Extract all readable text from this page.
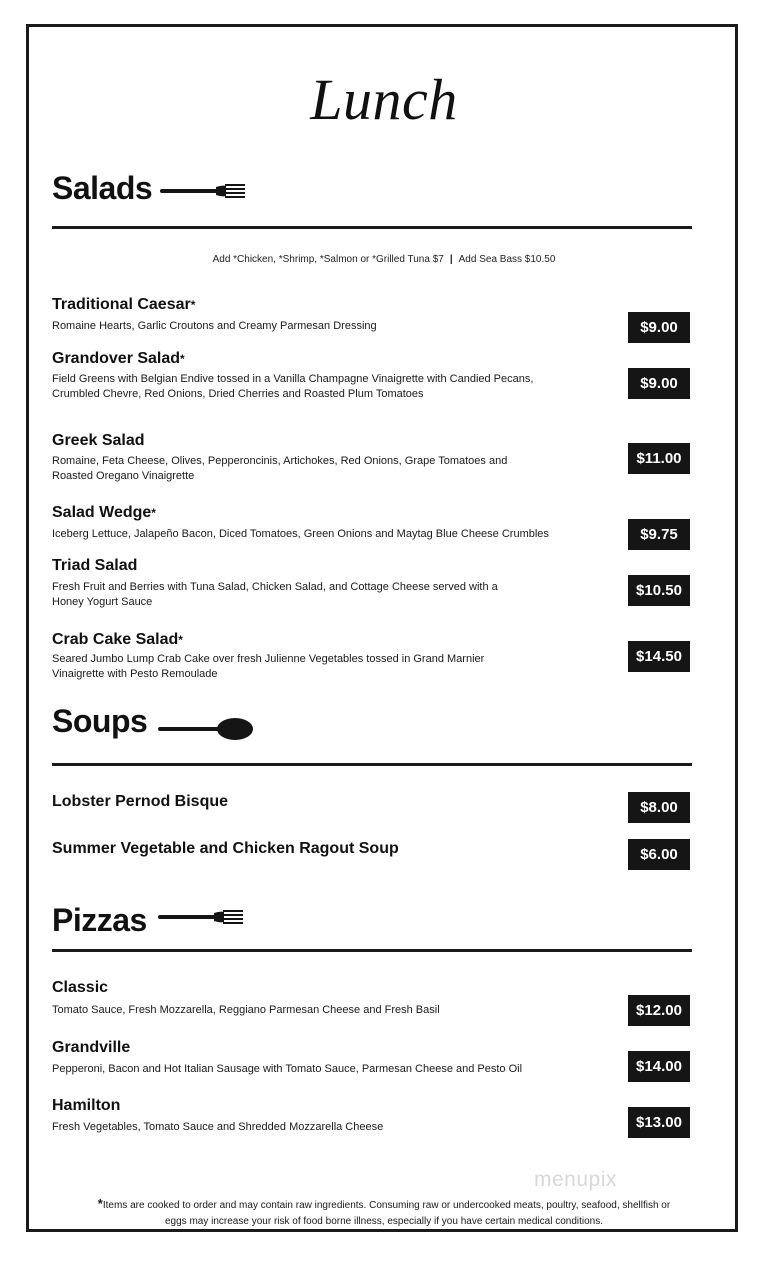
Lunch
Salads
Add *Chicken, *Shrimp, *Salmon or *Grilled Tuna $7 | Add Sea Bass $10.50
Traditional Caesar*
Romaine Hearts, Garlic Croutons and Creamy Parmesan Dressing	$9.00
Grandover Salad*
Field Greens with Belgian Endive tossed in a Vanilla Champagne Vinaigrette with Candied Pecans, Crumbled Chevre, Red Onions, Dried Cherries and Roasted Plum Tomatoes
$9.00
Greek Salad
Romaine, Feta Cheese, Olives, Pepperoncinis, Artichokes, Red Onions, Grape Tomatoes and Roasted Oregano Vinaigrette
$11.00
Salad Wedge*
Iceberg Lettuce, Jalapeño Bacon, Diced Tomatoes, Green Onions and Maytag Blue Cheese Crumbles	$9.75
Triad Salad
Fresh Fruit and Berries with Tuna Salad, Chicken Salad, and Cottage Cheese served with a Honey Yogurt Sauce
$10.50
Crab Cake Salad*
Seared Jumbo Lump Crab Cake over fresh Julienne Vegetables tossed in Grand Marnier Vinaigrette with Pesto Remoulade
$14.50
Soups
Lobster Pernod Bisque	$8.00
Summer Vegetable and Chicken Ragout Soup	$6.00
Pizzas
Classic
Tomato Sauce, Fresh Mozzarella, Reggiano Parmesan Cheese and Fresh Basil	$12.00
Grandville
Pepperoni, Bacon and Hot Italian Sausage with Tomato Sauce, Parmesan Cheese and Pesto Oil	$14.00
Hamilton
Fresh Vegetables, Tomato Sauce and Shredded Mozzarella Cheese	$13.00
menupix
*Items are cooked to order and may contain raw ingredients. Consuming raw or undercooked meats, poultry, seafood, shellfish or
eggs may increase your risk of food borne illness, especially if you have certain medical conditions.
